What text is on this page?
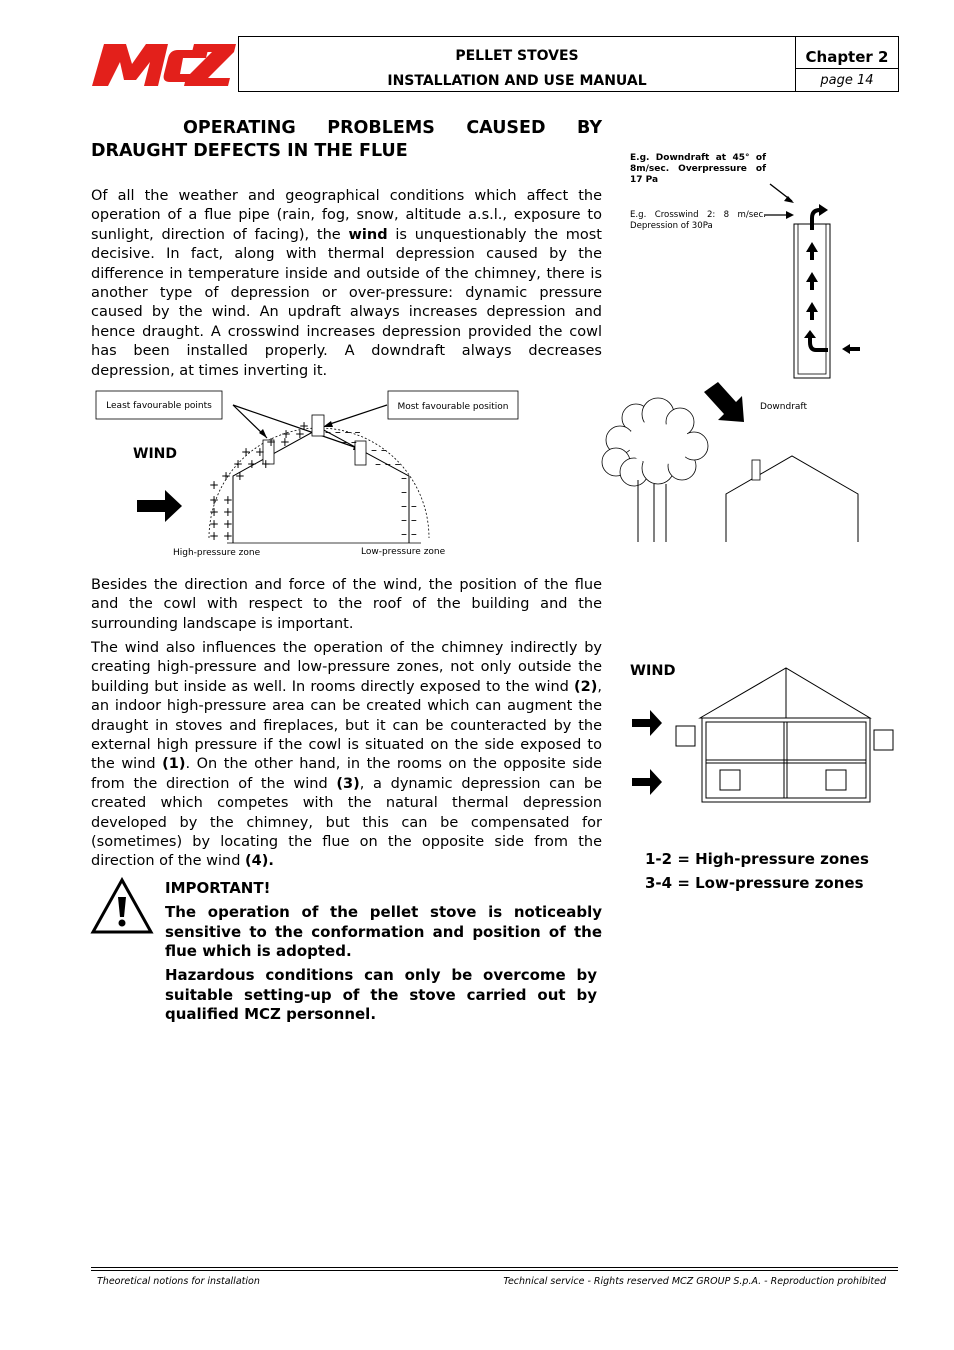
MCZ
PELLET STOVES
INSTALLATION AND USE MANUAL
Chapter 2
page 14
OPERATING PROBLEMS CAUSED BY
DRAUGHT DEFECTS IN THE FLUE
Of all the weather and geographical conditions which affect the operation of a flue pipe (rain, fog, snow, altitude a.s.l., exposure to sunlight, direction of facing), the wind is unquestionably the most decisive. In fact, along with thermal depression caused by the difference in temperature inside and outside of the chimney, there is another type of depression or over-pressure: dynamic pressure caused by the wind. An updraft always increases depression and hence draught. A crosswind increases depression provided the cowl has been installed properly. A downdraft always decreases depression, at times inverting it.
+ +
+
+ +
+ +
+ +
+ +
+ + +
+ +
+ +
+ +
+ – – – –
– –
– –
– – –
–
–
– –
– –
– –
Least favourable points	Most favourable position
WIND
High-pressure zone	Low-pressure zone
E.g. Downdraft at 45° of 8m/sec. Overpressure of 17 Pa
E.g. Crosswind 2: 8 m/sec.
Depression of 30Pa
Downdraft
Besides the direction and force of the wind, the position of the flue and the cowl with respect to the roof of the building and the surrounding landscape is important.
The wind also influences the operation of the chimney indirectly by creating high-pressure and low-pressure zones, not only outside the building but inside as well. In rooms directly exposed to the wind (2), an indoor high-pressure area can be created which can augment the draught in stoves and fireplaces, but it can be counteracted by the external high pressure if the cowl is situated on the side exposed to the wind (1). On the other hand, in the rooms on the opposite side from the direction of the wind (3), a dynamic depression can be created which competes with the natural thermal depression developed by the chimney, but this can be compensated for (sometimes) by locating the flue on the opposite side from the direction of the wind (4).
WIND
1-2 = High-pressure zones
3-4 = Low-pressure zones
IMPORTANT!
The operation of the pellet stove is noticeably sensitive to the conformation and position of the flue which is adopted.
Hazardous conditions can only be overcome by suitable setting-up of the stove carried out by qualified MCZ personnel.
Theoretical notions for installation	Technical service - Rights reserved MCZ GROUP S.p.A. - Reproduction prohibited
